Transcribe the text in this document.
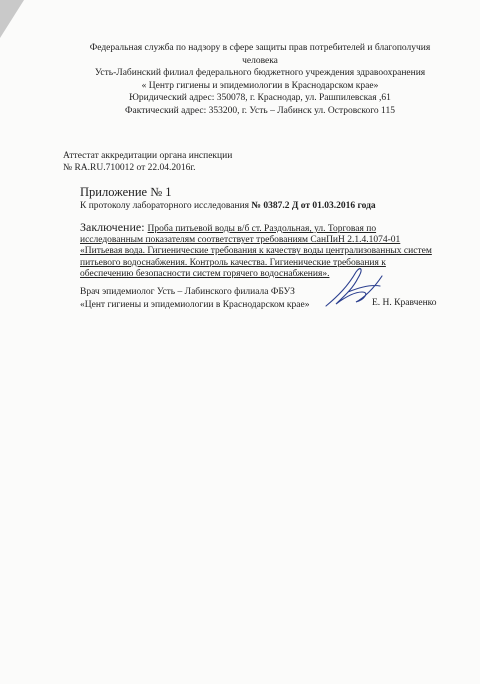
Федеральная служба по надзору в сфере защиты прав потребителей и благополучия
человека
Усть-Лабинский филиал федерального бюджетного учреждения здравоохранения
« Центр гигиены и эпидемиологии в Краснодарском крае»
Юридический адрес: 350078, г. Краснодар, ул. Рашпилевская ,61
Фактический адрес: 353200, г. Усть – Лабинск ул. Островского 115
Аттестат аккредитации органа инспекции
№ RA.RU.710012 от 22.04.2016г.
Приложение № 1
К протоколу лабораторного исследования № 0387.2 Д от 01.03.2016 года
Заключение: Проба питьевой воды в/б ст. Раздольная, ул. Торговая по исследованным показателям соответствует требованиям СанПиН 2.1.4.1074-01 «Питьевая вода. Гигиенические требования к качеству воды централизованных систем питьевого водоснабжения. Контроль качества. Гигиенические требования к обеспечению безопасности систем горячего водоснабжения».
Врач эпидемиолог Усть – Лабинского филиала ФБУЗ
«Цент гигиены и эпидемиологии в Краснодарском крае»	Е. Н. Кравченко
